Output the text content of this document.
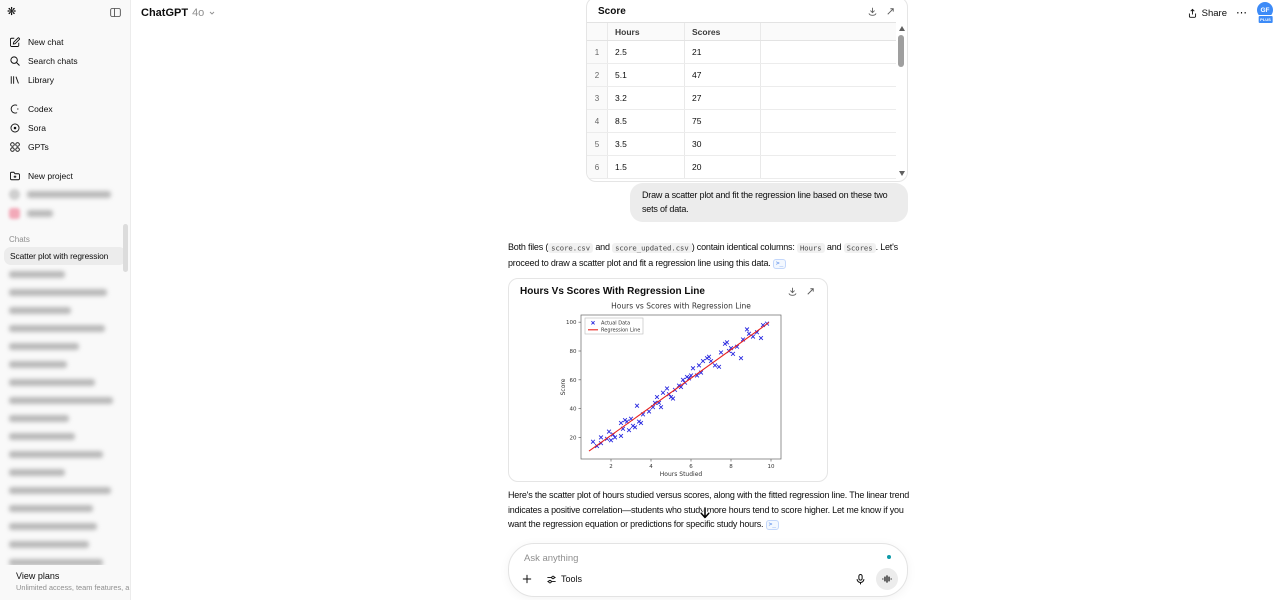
❋
New chat
Search chats
Library
Codex
Sora
GPTs
New project
Chats
Scatter plot with regression
View plans
Unlimited access, team features, a
ChatGPT 4o	Share ⋯	GF
PLUS
Score
Hours	Scores
1	2.5	21
2	5.1	47
3	3.2	27
4	8.5	75
5	3.5	30
6	1.5	20
Draw a scatter plot and fit the regression line based on these two sets of data.
Both files ( score.csv and score_updated.csv ) contain identical columns: Hours and Scores . Let's proceed to draw a scatter plot and fit a regression line using this data. >_
Hours Vs Scores With Regression Line
Hours vs Scores with Regression Line
2	4	6	8	10
20
40
60
80
100
Hours Studied
Score
Actual Data
Regression Line
Here's the scatter plot of hours studied versus scores, along with the fitted regression line. The linear trend indicates a positive correlation—students who study more hours tend to score higher. Let me know if you want the regression equation or predictions for specific study hours. >_
Ask anything
Tools
